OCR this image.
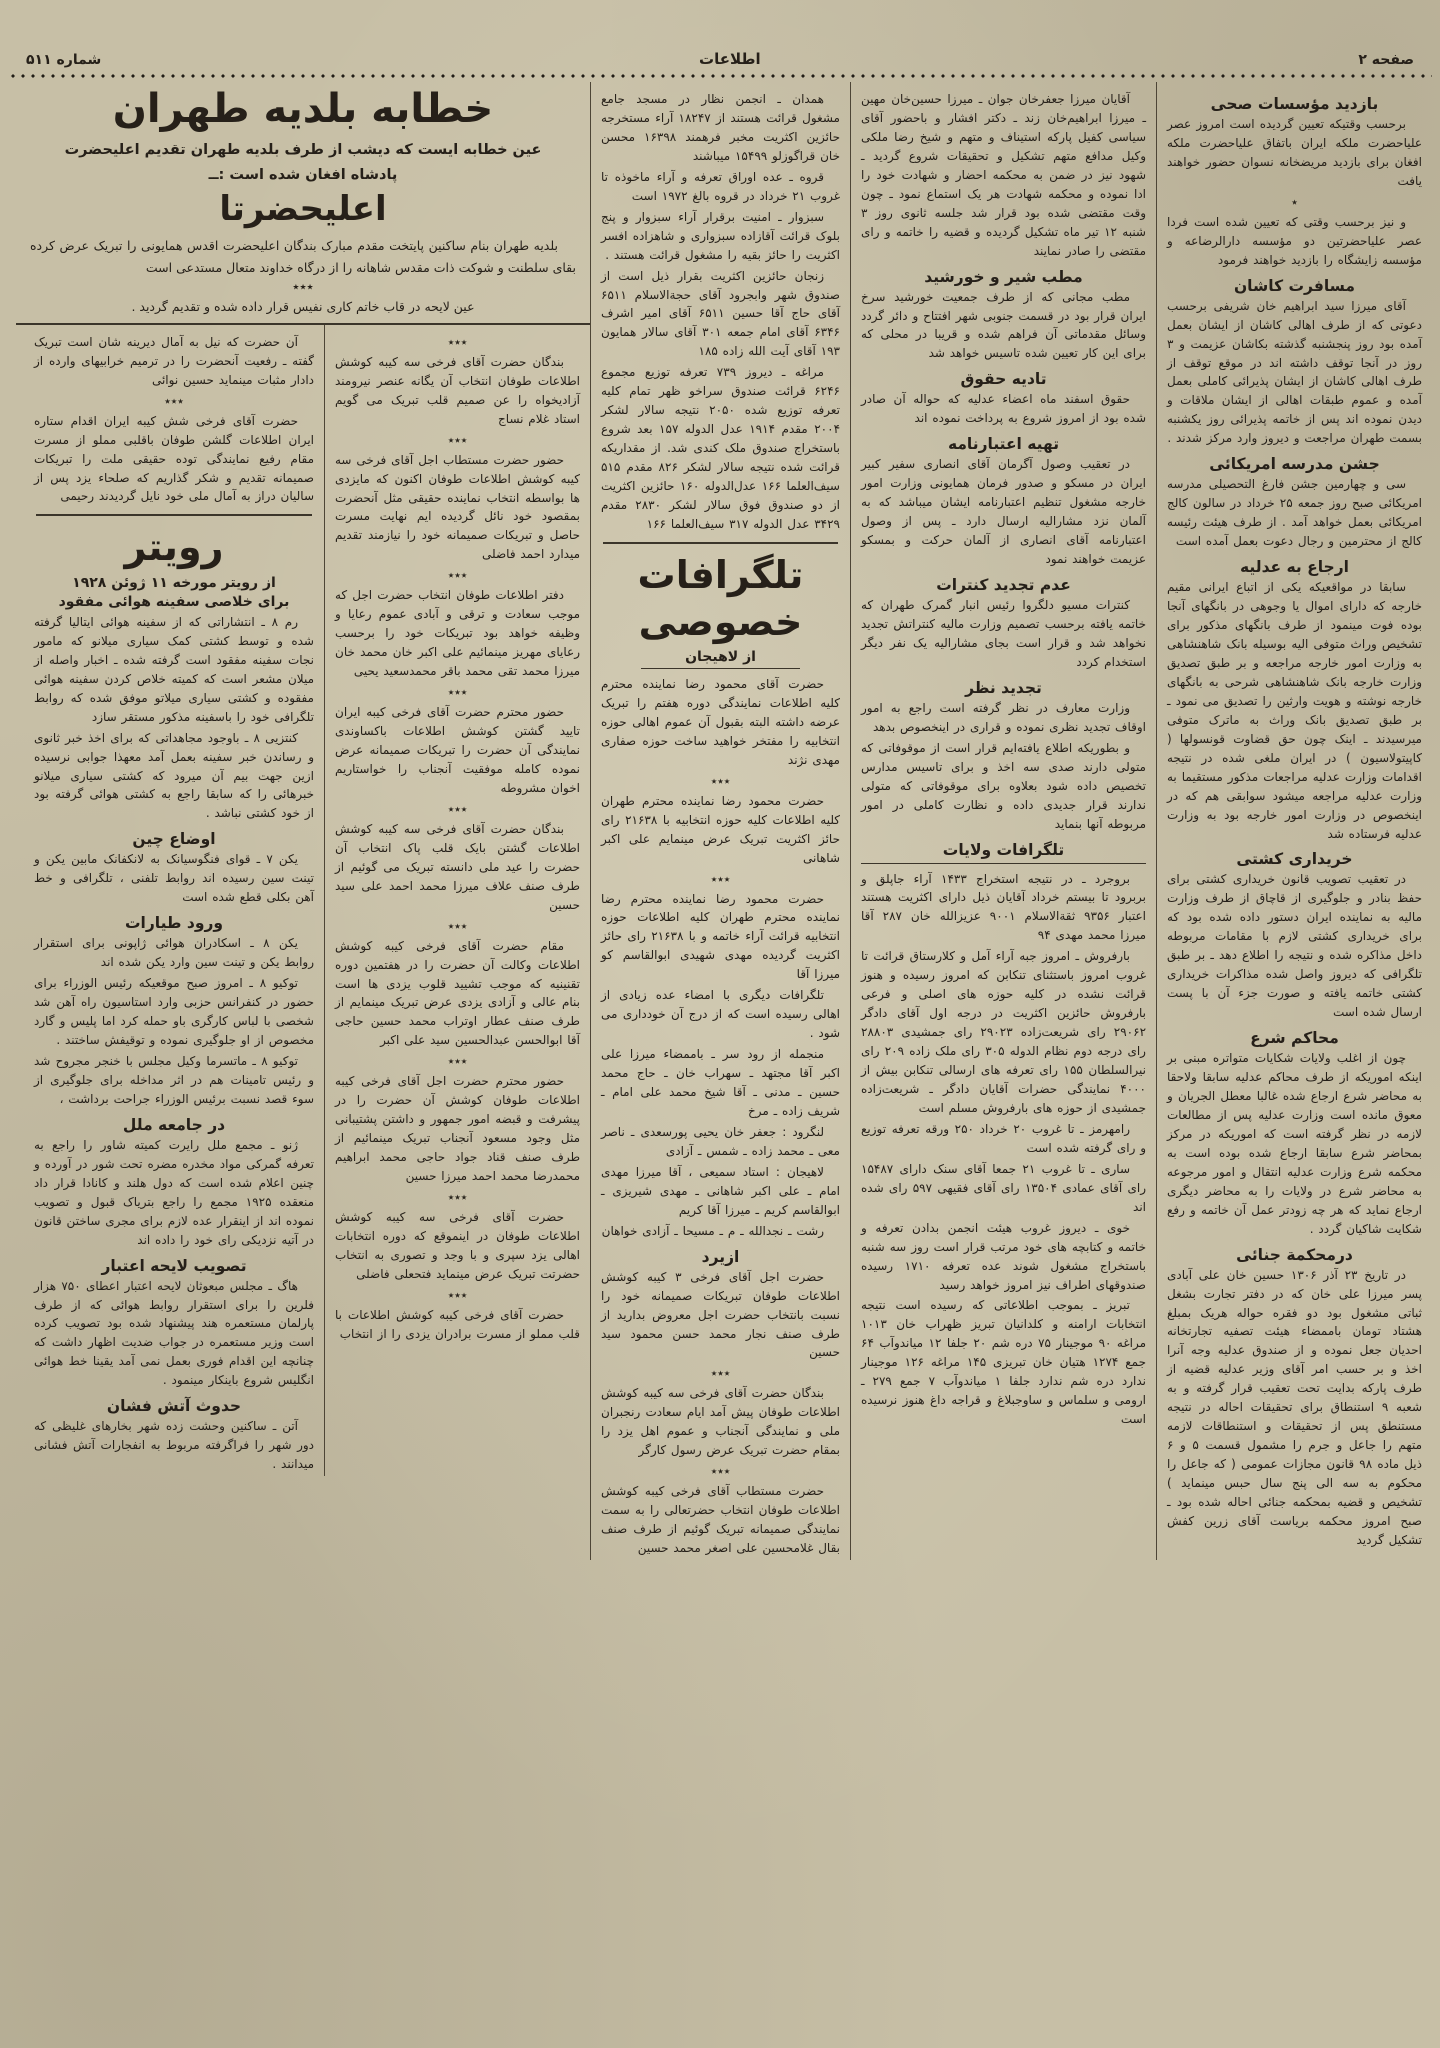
صفحه ۲
اطلاعات
شماره ۵۱۱
بازدید مؤسسات صحی
برحسب وقتیکه تعیین گردیده است امروز عصر علیاحضرت ملکه ایران باتفاق علیاحضرت ملکه افغان برای بازدید مریضخانه نسوان حضور خواهند یافت
٭
و نیز برحسب وقتی که تعیین شده است فردا عصر علیاحضرتین دو مؤسسه دارالرضاعه و مؤسسه زایشگاه را بازدید خواهند فرمود
مسافرت کاشان
آقای میرزا سید ابراهیم خان شریفی برحسب دعوتی که از طرف اهالی کاشان از ایشان بعمل آمده بود روز پنجشنبه گذشته بکاشان عزیمت و ۳ روز در آنجا توقف داشته اند در موقع توقف از طرف اهالی کاشان از ایشان پذیرائی کاملی بعمل آمده و عموم طبقات اهالی از ایشان ملاقات و دیدن نموده اند پس از خاتمه پذیرائی روز یکشنبه بسمت طهران مراجعت و دیروز وارد مرکز شدند .
جشن مدرسه امریکائی
سی و چهارمین جشن فارغ التحصیلی مدرسه امریکائی صبح روز جمعه ۲۵ خرداد در سالون کالج امریکائی بعمل خواهد آمد . از طرف هیئت رئیسه کالج از محترمین و رجال دعوت بعمل آمده است
ارجاع به عدلیه
سابقا در مواقعیکه یکی از اتباع ایرانی مقیم خارجه که دارای اموال یا وجوهی در بانگهای آنجا بوده فوت مینمود از طرف بانگهای مذکور برای تشخیص وراث متوفی الیه بوسیله بانک شاهنشاهی به وزارت امور خارجه مراجعه و بر طبق تصدیق وزارت خارجه بانک شاهنشاهی شرحی به بانگهای خارجه نوشته و هویت وارثین را تصدیق می نمود ـ بر طبق تصدیق بانک وراث به ماترک متوفی میرسیدند ـ اینک چون حق قضاوت قونسولها ( کاپیتولاسیون ) در ایران ملغی شده در نتیجه اقدامات وزارت عدلیه مراجعات مذکور مستقیما به وزارت عدلیه مراجعه میشود سوابقی هم که در اینخصوص در وزارت امور خارجه بود به وزارت عدلیه فرستاده شد
خریداری کشتی
در تعقیب تصویب قانون خریداری کشتی برای حفظ بنادر و جلوگیری از قاچاق از طرف وزارت مالیه به نماینده ایران دستور داده شده بود که برای خریداری کشتی لازم با مقامات مربوطه داخل مذاکره شده و نتیجه را اطلاع دهد ـ بر طبق تلگرافی که دیروز واصل شده مذاکرات خریداری کشتی خاتمه یافته و صورت جزء آن با پست ارسال شده است
محاکم شرع
چون از اغلب ولایات شکایات متواتره مبنی بر اینکه اموریکه از طرف محاکم عدلیه سابقا ولاحقا به محاضر شرع ارجاع شده غالبا معطل الجریان و معوق مانده است وزارت عدلیه پس از مطالعات لازمه در نظر گرفته است که اموریکه در مرکز بمحاضر شرع سابقا ارجاع شده بوده است به محکمه شرع وزارت عدلیه انتقال و امور مرجوعه به محاضر شرع در ولایات را به محاضر دیگری ارجاع نماید که هر چه زودتر عمل آن خاتمه و رفع شکایت شاکیان گردد .
درمحکمة جنائی
در تاریخ ۲۳ آذر ۱۳۰۶ حسین خان علی آبادی پسر میرزا علی خان که در دفتر تجارت بشغل ثباتی مشغول بود دو فقره حواله هریک بمبلغ هشتاد تومان باممضاء هیئت تصفیه تجارتخانه احدیان جعل نموده و از صندوق عدلیه وجه آنرا اخذ و بر حسب امر آقای وزیر عدلیه قضیه از طرف پارکه بدایت تحت تعقیب قرار گرفته و به شعبه ۹ استنطاق برای تحقیقات احاله در نتیجه مستنطق پس از تحقیقات و استنطاقات لازمه متهم را جاعل و جرم را مشمول قسمت ۵ و ۶ ذیل ماده ۹۸ قانون مجازات عمومی ( که جاعل را محکوم به سه الی پنج سال حبس مینماید ) تشخیص و قضیه بمحکمه جنائی احاله شده بود ـ صبح امروز محکمه بریاست آقای زرین کفش تشکیل گردید
آقایان میرزا جعفرخان جوان ـ میرزا حسین‌خان مهین ـ میرزا ابراهیم‌خان زند ـ دکتر افشار و باحضور آقای سیاسی کفیل پارکه استیناف و متهم و شیخ رضا ملکی وکیل مدافع متهم تشکیل و تحقیقات شروع گردید ـ شهود نیز در ضمن به محکمه احضار و شهادت خود را ادا نموده و محکمه شهادت هر یک استماع نمود ـ چون وقت مقتضی شده بود قرار شد جلسه ثانوی روز ۳ شنبه ۱۲ تیر ماه تشکیل گردیده و قضیه را خاتمه و رای مقتضی را صادر نمایند
مطب شیر و خورشید
مطب مجانی که از طرف جمعیت خورشید سرخ ایران قرار بود در قسمت جنوبی شهر افتتاح و دائر گردد وسائل مقدماتی آن فراهم شده و قریبا در محلی که برای این کار تعیین شده تاسیس خواهد شد
تادیه حقوق
حقوق اسفند ماه اعضاء عدلیه که حواله آن صادر شده بود از امروز شروع به پرداخت نموده اند
تهیه اعتبارنامه
در تعقیب وصول آگرمان آقای انصاری سفیر کبیر ایران در مسکو و صدور فرمان همایونی وزارت امور خارجه مشغول تنظیم اعتبارنامه ایشان میباشد که به آلمان نزد مشارالیه ارسال دارد ـ پس از وصول اعتبارنامه آقای انصاری از آلمان حرکت و بمسکو عزیمت خواهند نمود
عدم تجدید کنترات
کنترات مسیو دلگروا رئیس انبار گمرک طهران که خاتمه یافته برحسب تصمیم وزارت مالیه کنتراتش تجدید نخواهد شد و قرار است بجای مشارالیه یک نفر دیگر استخدام کردد
تجدید نظر
وزارت معارف در نظر گرفته است راجع به امور اوقاف تجدید نظری نموده و قراری در اینخصوص بدهد
و بطوریکه اطلاع یافته‌ایم قرار است از موقوفاتی که متولی دارند صدی سه اخذ و برای تاسیس مدارس تخصیص داده شود بعلاوه برای موقوفاتی که متولی ندارند قرار جدیدی داده و نظارت کاملی در امور مربوطه آنها بنماید
تلگرافات ولایات
بروجرد ـ در نتیجه استخراج ۱۴۳۳ آراء جاپلق و بربرود تا بیستم خرداد آقایان ذیل دارای اکثریت هستند اعتبار ۹۳۵۶ ثقةالاسلام ۹۰۰۱ عزیزالله خان ۲۸۷ آقا میرزا محمد مهدی ۹۴
بارفروش ـ امروز جبه آراء آمل و کلارستاق قرائت تا غروب امروز باستثنای تنکابن که امروز رسیده و هنوز قرائت نشده در کلیه حوزه های اصلی و فرعی بارفروش حائزین اکثریت در درجه اول آقای دادگر ۲۹۰۶۲ رای شریعت‌زاده ۲۹۰۲۳ رای جمشیدی ۲۸۸۰۳ رای درجه دوم نظام الدوله ۳۰۵ رای ملک زاده ۲۰۹ رای نیرالسلطان ۱۵۵ رای تعرفه های ارسالی تنکابن بیش از ۴۰۰۰ نمایندگی حضرات آقایان دادگر ـ شریعت‌زاده جمشیدی از حوزه های بارفروش مسلم است
رامهرمز ـ تا غروب ۲۰ خرداد ۲۵۰ ورقه تعرفه توزیع و رای گرفته شده است
ساری ـ تا غروب ۲۱ جمعا آقای سنک دارای ۱۵۴۸۷ رای آقای عمادی ۱۳۵۰۴ رای آقای فقیهی ۵۹۷ رای شده اند
خوی ـ دیروز غروب هیئت انجمن بدادن تعرفه و خاتمه و کتابچه های خود مرتب قرار است روز سه شنبه باستخراج مشغول شوند عده تعرفه ۱۷۱۰ رسیده صندوقهای اطراف نیز امروز خواهد رسید
تبریز ـ بموجب اطلاعاتی که رسیده است نتیجه انتخابات ارامنه و کلدانیان تبریز ظهراب خان ۱۰۱۳ مراغه ۹۰ موجینار ۷۵ دره شم ۲۰ جلفا ۱۲ میاندوآب ۶۴ جمع ۱۲۷۴ هتیان خان تبریزی ۱۴۵ مراغه ۱۲۶ موجینار ندارد دره شم ندارد جلفا ۱ میاندوآب ۷ جمع ۲۷۹ ـ ارومی و سلماس و ساوجبلاغ و قراجه داغ هنوز نرسیده است
همدان ـ انجمن نظار در مسجد جامع مشغول قرائت هستند از ۱۸۲۴۷ آراء مستخرجه حائزین اکثریت مخبر فرهمند ۱۶۳۹۸ محسن خان قراگوزلو ۱۵۴۹۹ میباشند
قروه ـ عده اوراق تعرفه و آراء ماخوذه تا غروب ۲۱ خرداد در قروه بالغ ۱۹۷۲ است
سبزوار ـ امنیت برقرار آراء سبزوار و پنج بلوک قرائت آقازاده سبزواری و شاهزاده افسر اکثریت را حائز بقیه را مشغول قرائت هستند .
زنجان حائزین اکثریت بقرار ذیل است از صندوق شهر وابجرود آقای حجةالاسلام ۶۵۱۱ آقای حاج آقا حسین ۶۵۱۱ آقای امیر اشرف ۶۳۴۶ آقای امام جمعه ۳۰۱ آقای سالار همایون ۱۹۳ آقای آیت الله زاده ۱۸۵
مراغه ـ دیروز ۷۳۹ تعرفه توزیع مجموع ۶۲۴۶ قرائت صندوق سراخو ظهر تمام کلیه تعرفه توزیع شده ۲۰۵۰ نتیجه سالار لشکر ۲۰۰۴ مقدم ۱۹۱۴ عدل الدوله ۱۵۷ بعد شروع باستخراج صندوق ملک کندی شد. از مقداریکه قرائت شده نتیجه سالار لشکر ۸۲۶ مقدم ۵۱۵ سیف‌العلما ۱۶۶ عدل‌الدوله ۱۶۰ حائزین اکثریت از دو صندوق فوق سالار لشکر ۲۸۳۰ مقدم ۳۴۲۹ عدل الدوله ۳۱۷ سیف‌العلما ۱۶۶
تلگرافات خصوصی
از لاهیجان
حضرت آقای محمود رضا نماینده محترم کلیه اطلاعات نمایندگی دوره هفتم را تبریک عرضه داشته البته بقبول آن عموم اهالی حوزه انتخابیه را مفتخر خواهید ساخت حوزه صفاری مهدی نژند
٭٭٭
حضرت محمود رضا نماینده محترم طهران کلیه اطلاعات کلیه حوزه انتخابیه با ۲۱۶۳۸ رای حائز اکثریت تبریک عرض مینمایم علی اکبر شاهانی
٭٭٭
حضرت محمود رضا نماینده محترم رضا نماینده محترم طهران کلیه اطلاعات حوزه انتخابیه قرائت آراء خاتمه و با ۲۱۶۳۸ رای حائز اکثریت گردیده مهدی شهیدی ابوالقاسم کو میرزا آقا
تلگرافات دیگری با امضاء عده زیادی از اهالی رسیده است که از درج آن خودداری می شود .
منجمله از رود سر ـ باممضاء میرزا علی اکبر آقا مجتهد ـ سهراب خان ـ حاج محمد حسین ـ مدنی ـ آقا شیخ محمد علی امام ـ شریف زاده ـ مرخ
لنگرود : جعفر خان یحیی پورسعدی ـ ناصر معی ـ محمد زاده ـ شمس ـ آزادی
لاهیجان : استاد سمیعی ، آقا میرزا مهدی امام ـ علی اکبر شاهانی ـ مهدی شیریزی ـ ابوالقاسم کریم ـ میرزا آقا کریم
رشت ـ نجدالله ـ م ـ مسیحا ـ آزادی خواهان
ازیرد
حضرت اجل آقای فرخی ۳ کیبه کوشش اطلاعات طوفان تبریکات صمیمانه خود را نسبت بانتخاب حضرت اجل معروض بدارید از طرف صنف نجار محمد حسن محمود سید حسین
٭٭٭
بندگان حضرت آقای فرخی سه کیبه کوشش اطلاعات طوفان پیش آمد ایام سعادت رنجبران ملی و نمایندگی آنجناب و عموم اهل یزد را بمقام حضرت تبریک عرض رسول کارگر
٭٭٭
حضرت مستطاب آقای فرخی کیبه کوشش اطلاعات طوفان انتخاب حضرتعالی را به سمت نمایندگی صمیمانه تبریک گوئیم از طرف صنف بقال غلامحسین علی اصغر محمد حسین
خطابه بلديه طهران
عین خطابه ایست که دیشب از طرف بلدیه طهران تقدیم اعلیحضرت پادشاه افغان شده است :ــ
اعلیحضرتا
بلدیه طهران بنام ساکنین پایتخت مقدم مبارک بندگان اعلیحضرت اقدس همایونی را تبریک عرض کرده بقای سلطنت و شوکت ذات مقدس شاهانه را از درگاه خداوند متعال مستدعی است
٭٭٭
عین لایحه در قاب خاتم کاری نفیس قرار داده شده و تقدیم گردید .
٭٭٭
بندگان حضرت آقای فرخی سه کیبه کوشش اطلاعات طوفان انتخاب آن یگانه عنصر نیرومند آزادیخواه را عن صمیم قلب تبریک می گویم استاد غلام نساج
٭٭٭
حضور حضرت مستطاب اجل آقای فرخی سه کیبه کوشش اطلاعات طوفان اکنون که مایزدی ها بواسطه انتخاب نماینده حقیقی مثل آنحضرت بمقصود خود نائل گردیده ایم نهایت مسرت حاصل و تبریکات صمیمانه خود را نیازمند تقدیم میدارد احمد فاضلی
٭٭٭
دفتر اطلاعات طوفان انتخاب حضرت اجل که موجب سعادت و ترقی و آبادی عموم رعایا و وظیفه خواهد بود تبریکات خود را برحسب رعایای مهریز مینمائیم علی اکبر خان محمد خان میرزا محمد تقی محمد باقر محمدسعید یحیی
٭٭٭
حضور محترم حضرت آقای فرخی کیبه ایران تایید گشتن کوشش اطلاعات باکساوندی نمایندگی آن حضرت را تبریکات صمیمانه عرض نموده کامله موفقیت آنجناب را خواستاریم اخوان مشروطه
٭٭٭
بندگان حضرت آقای فرخی سه کیبه کوشش اطلاعات گشتن بایک قلب پاک انتخاب آن حضرت را عید ملی دانسته تبریک می گوئیم از طرف صنف علاف میرزا محمد احمد علی سید حسین
٭٭٭
مقام حضرت آقای فرخی کیبه کوشش اطلاعات وکالت آن حضرت را در هفتمین دوره تقنینیه که موجب تشیید قلوب یزدی ها است بنام عالی و آزادی یزدی عرض تبریک مینمایم از طرف صنف عطار اوتراب محمد حسین حاجی آقا ابوالحسن عبدالحسین سید علی اکبر
٭٭٭
حضور محترم حضرت اجل آقای فرخی کیبه اطلاعات طوفان کوشش آن حضرت را در پیشرفت و قبضه امور جمهور و داشتن پشتیبانی مثل وجود مسعود آنجناب تبریک مینمائیم از طرف صنف قناد جواد حاجی محمد ابراهیم محمدرضا محمد احمد میرزا حسین
٭٭٭
حضرت آقای فرخی سه کیبه کوشش اطلاعات طوفان در اینموقع که دوره انتخابات اهالی یزد سپری و با وجد و تصوری به انتخاب حضرتت تبریک عرض مینماید فتحعلی فاضلی
٭٭٭
حضرت آقای فرخی کیبه کوشش اطلاعات با قلب مملو از مسرت برادران یزدی را از انتخاب
آن حضرت که نیل به آمال دیرینه شان است تبریک گفته ـ رفعیت آنحضرت را در ترمیم خرابیهای وارده از دادار مثبات مینماید حسین نوائی
٭٭٭
حضرت آقای فرخی شش کیبه ایران اقدام ستاره ایران اطلاعات گلشن طوفان باقلبی مملو از مسرت مقام رفیع نمایندگی توده حقیقی ملت را تبریکات صمیمانه تقدیم و شکر گذاریم که صلحاء یزد پس از سالیان دراز به آمال ملی خود نایل گردیدند رحیمی
رویتر
از رویتر مورخه ۱۱ ژوئن ۱۹۲۸
برای خلاصی سفینه هوائی مفقود
رم ۸ ـ انتشاراتی که از سفینه هوائی ایتالیا گرفته شده و توسط کشتی کمک سیاری میلانو که مامور نجات سفینه مفقود است گرفته شده ـ اخبار واصله از میلان مشعر است که کمیته خلاص کردن سفینه هوائی مفقوده و کشتی سیاری میلاتو موفق شده که روابط تلگرافی خود را باسفینه مذکور مستقر سازد
کنتزیی ۸ ـ باوجود مجاهداتی که برای اخذ خبر ثانوی و رساندن خبر سفینه بعمل آمد معهذا جوابی نرسیده ازین جهت بیم آن میرود که کشتی سیاری میلانو خبرهائی را که سابقا راجع به کشتی هوائی گرفته بود از خود کشتی نباشد .
اوضاع چین
یکن ۷ ـ قوای فنگوسیانک به لانکفانک مابین یکن و تینت سین رسیده اند روابط تلفنی ، تلگرافی و خط آهن بکلی قطع شده است
ورود طیارات
یکن ۸ ـ اسکادران هوائی ژاپونی برای استقرار روابط یکن و تینت سین وارد یکن شده اند
توکیو ۸ ـ امروز صبح موقعیکه رئیس الوزراء برای حضور در کنفرانس حزبی وارد استاسیون راه آهن شد شخصی با لباس کارگری باو حمله کرد اما پلیس و گارد مخصوص از او جلوگیری نموده و توقیفش ساختند .
توکیو ۸ ـ ماتسرما وکیل مجلس با خنجر مجروح شد و رئیس تامینات هم در اثر مداخله برای جلوگیری از سوء قصد نسبت برئیس الوزراء جراحت برداشت ،
در جامعه ملل
ژنو ـ مجمع ملل رایرت کمیته شاور را راجع به تعرفه گمرکی مواد مخدره مضره تحت شور در آورده و چنین اعلام شده است که دول هلند و کانادا قرار داد منعقده ۱۹۲۵ مجمع را راجع بتریاک قبول و تصویب نموده اند از اینقرار عده لازم برای مجری ساختن قانون در آتیه نزدیکی رای خود را داده اند
تصویب لایحه اعتبار
هاگ ـ مجلس مبعوثان لایحه اعتبار اعطای ۷۵۰ هزار فلرین را برای استقرار روابط هوائی که از طرف پارلمان مستعمره هند پیشنهاد شده بود تصویب کرده است وزیر مستعمره در جواب ضدیت اظهار داشت که چنانچه این اقدام فوری بعمل نمی آمد یقینا خط هوائی انگلیس شروع باینکار مینمود .
حدوث آتش فشان
آتن ـ ساکنین وحشت زده شهر بخارهای غلیظی که دور شهر را فراگرفته مربوط به انفجارات آتش فشانی میدانند .
